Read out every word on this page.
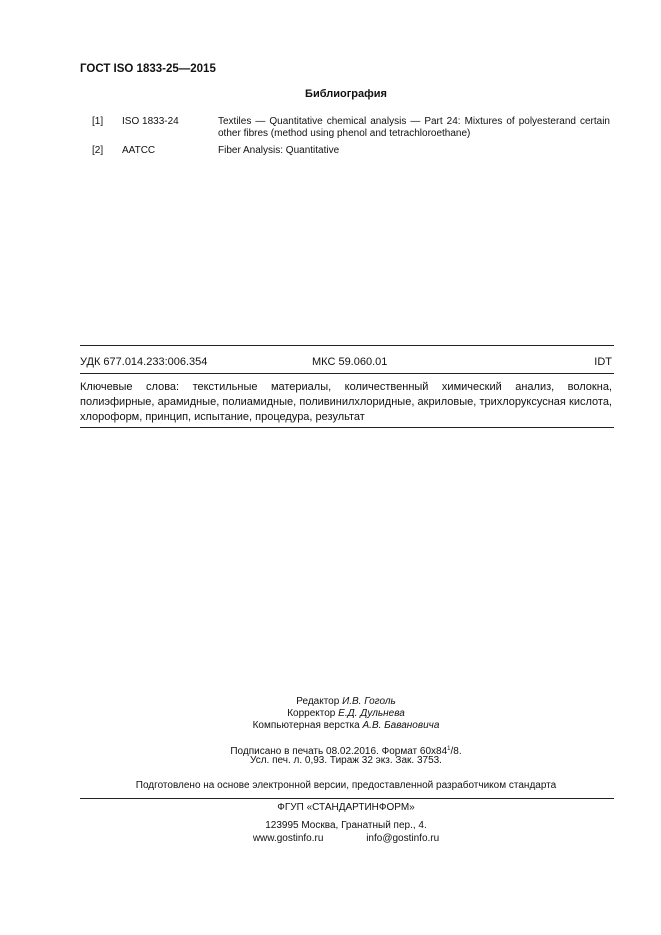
ГОСТ ISO 1833-25—2015
Библиография
[1] ISO 1833-24	Textiles — Quantitative chemical analysis — Part 24: Mixtures of polyesterand certain other fibres (method using phenol and tetrachloroethane)
[2] AATCC	Fiber Analysis: Quantitative
УДК 677.014.233:006.354	МКС 59.060.01	IDT
Ключевые слова: текстильные материалы, количественный химический анализ, волокна, полиэфирные, арамидные, полиамидные, поливинилхлоридные, акриловые, трихлоруксусная кислота, хлороформ, принцип, испытание, процедура, результат
Редактор И.В. Гоголь
Корректор Е.Д. Дульнева
Компьютерная верстка А.В. Бавановича
Подписано в печать 08.02.2016. Формат $60x84^1/8$.
Усл. печ. л. 0,93. Тираж 32 экз. Зак. 3753.
Подготовлено на основе электронной версии, предоставленной разработчиком стандарта
ФГУП «СТАНДАРТИНФОРМ»
123995 Москва, Гранатный пер., 4.
www.gostinfo.ru	info@gostinfo.ru
